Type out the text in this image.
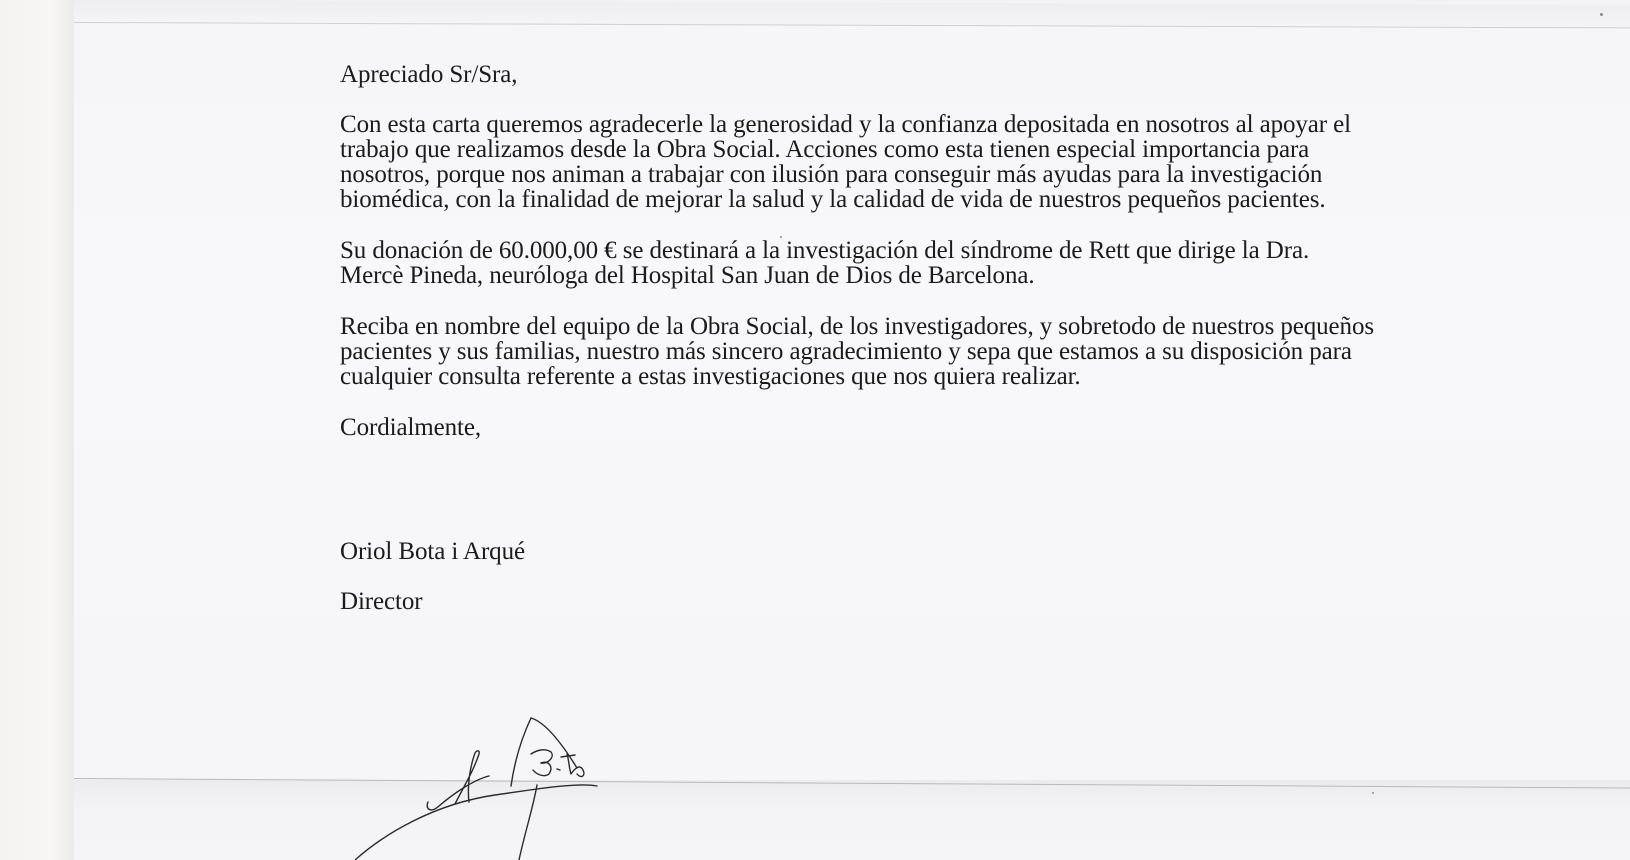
Apreciado Sr/Sra,

Con esta carta queremos agradecerle la generosidad y la confianza depositada en nosotros al apoyar el
trabajo que realizamos desde la Obra Social. Acciones como esta tienen especial importancia para
nosotros, porque nos animan a trabajar con ilusión para conseguir más ayudas para la investigación
biomédica, con la finalidad de mejorar la salud y la calidad de vida de nuestros pequeños pacientes.

Su donación de 60.000,00 € se destinará a la investigación del síndrome de Rett que dirige la Dra.
Mercè Pineda, neuróloga del Hospital San Juan de Dios de Barcelona.

Reciba en nombre del equipo de la Obra Social, de los investigadores, y sobretodo de nuestros pequeños
pacientes y sus familias, nuestro más sincero agradecimiento y sepa que estamos a su disposición para
cualquier consulta referente a estas investigaciones que nos quiera realizar.

Cordialmente,

Oriol Bota i Arqué

Director
